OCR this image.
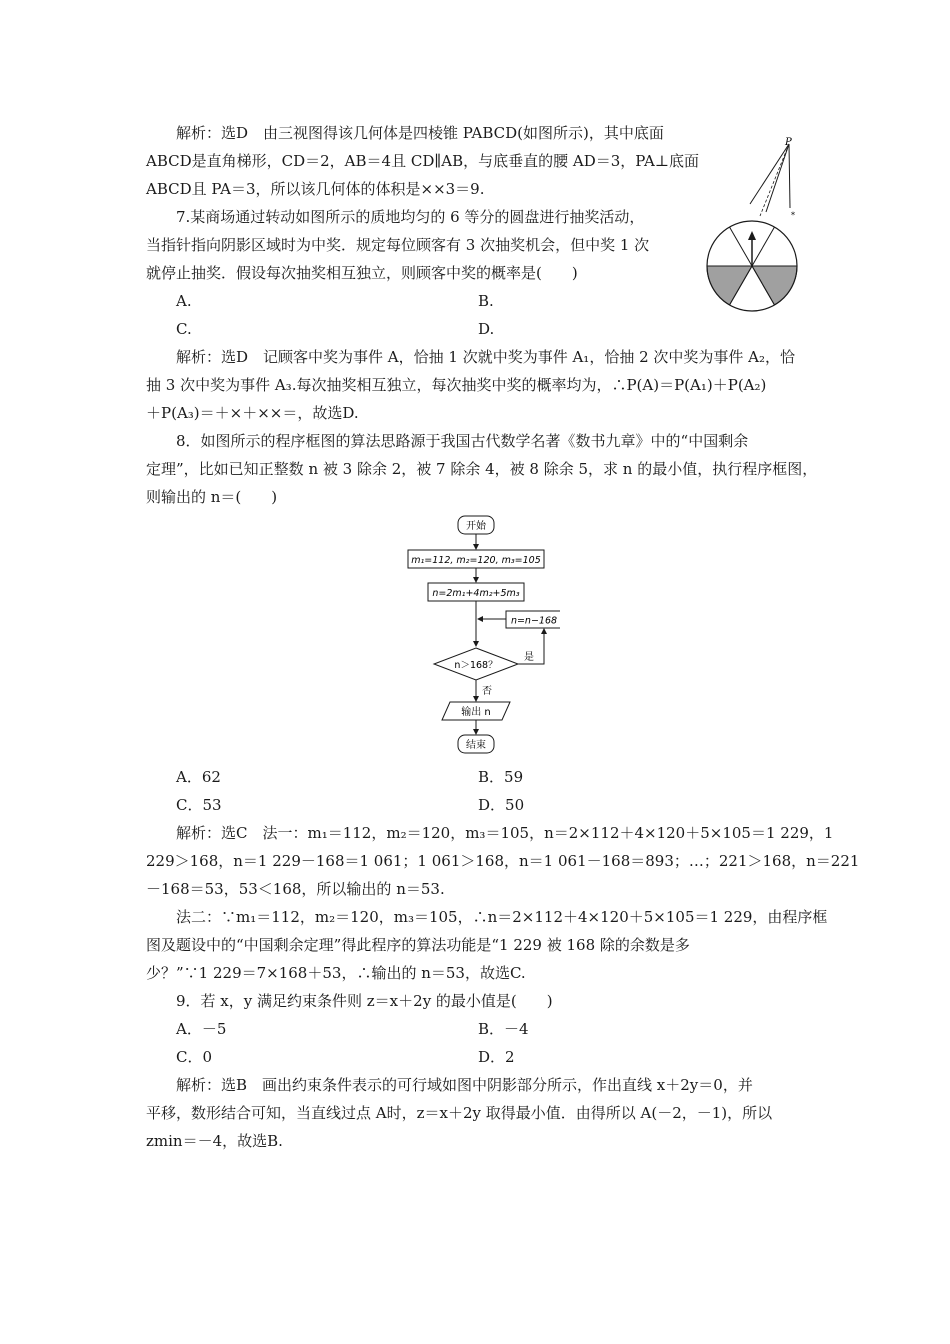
解析：选D　由三视图得该几何体是四棱锥 PABCD(如图所示)，其中底面
ABCD是直角梯形，CD＝2，AB＝4且 CD∥AB，与底垂直的腰 AD＝3，PA⊥底面
ABCD且 PA＝3，所以该几何体的体积是××3＝9.
7.某商场通过转动如图所示的质地均匀的 6 等分的圆盘进行抽奖活动，
当指针指向阴影区域时为中奖．规定每位顾客有 3 次抽奖机会，但中奖 1 次
就停止抽奖．假设每次抽奖相互独立，则顾客中奖的概率是(　　)
A.	B.
C.	D.
解析：选D　记顾客中奖为事件 A，恰抽 1 次就中奖为事件 A₁，恰抽 2 次中奖为事件 A₂，恰
抽 3 次中奖为事件 A₃.每次抽奖相互独立，每次抽奖中奖的概率均为，∴P(A)＝P(A₁)＋P(A₂)
＋P(A₃)＝＋×＋××＝，故选D.
8．如图所示的程序框图的算法思路源于我国古代数学名著《数书九章》中的“中国剩余
定理”，比如已知正整数 n 被 3 除余 2，被 7 除余 4，被 8 除余 5，求 n 的最小值，执行程序框图，
则输出的 n＝(　　)
A．62	B．59
C．53	D．50
解析：选C　法一：m₁＝112，m₂＝120，m₃＝105，n＝2×112＋4×120＋5×105＝1 229，1
229＞168，n＝1 229－168＝1 061；1 061＞168，n＝1 061－168＝893；…；221＞168，n＝221
－168＝53，53＜168，所以输出的 n＝53.
法二：∵m₁＝112，m₂＝120，m₃＝105，∴n＝2×112＋4×120＋5×105＝1 229，由程序框
图及题设中的“中国剩余定理”得此程序的算法功能是“1 229 被 168 除的余数是多
少？”∵1 229＝7×168＋53，∴输出的 n＝53，故选C.
9．若 x，y 满足约束条件则 z＝x＋2y 的最小值是(　　)
A．－5	B．－4
C．0	D．2
解析：选B　画出约束条件表示的可行域如图中阴影部分所示，作出直线 x＋2y＝0，并
平移，数形结合可知，当直线过点 A时，z＝x＋2y 取得最小值．由得所以 A(－2，－1)，所以
zmin＝－4，故选B.
P
*
开始
m₁=112, m₂=120, m₃=105
n=2m₁+4m₂+5m₃
n=n−168
n＞168？
是
否
输出 n
结束
